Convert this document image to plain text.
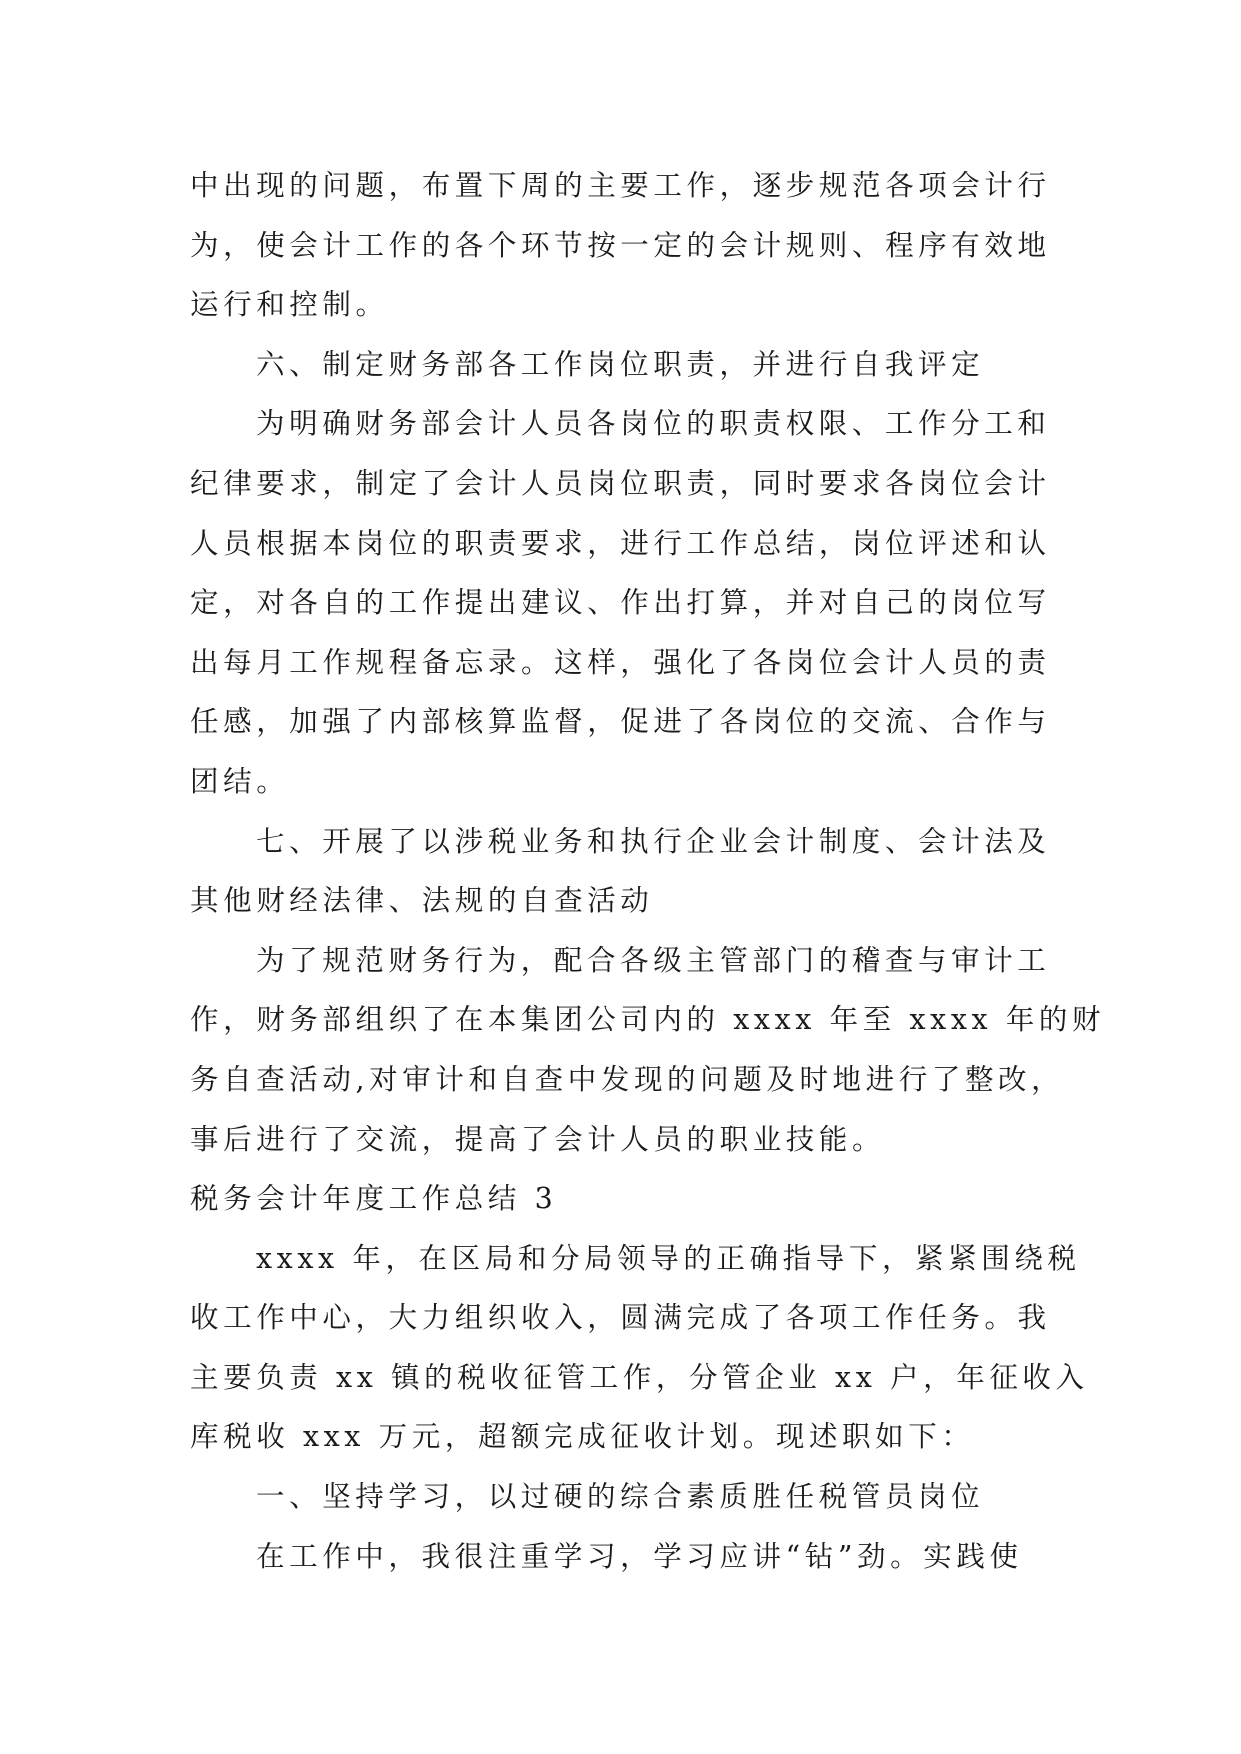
中出现的问题，布置下周的主要工作，逐步规范各项会计行
为，使会计工作的各个环节按一定的会计规则、程序有效地
运行和控制。
六、制定财务部各工作岗位职责，并进行自我评定
为明确财务部会计人员各岗位的职责权限、工作分工和
纪律要求，制定了会计人员岗位职责，同时要求各岗位会计
人员根据本岗位的职责要求，进行工作总结，岗位评述和认
定，对各自的工作提出建议、作出打算，并对自己的岗位写
出每月工作规程备忘录。这样，强化了各岗位会计人员的责
任感，加强了内部核算监督，促进了各岗位的交流、合作与
团结。
七、开展了以涉税业务和执行企业会计制度、会计法及
其他财经法律、法规的自查活动
为了规范财务行为，配合各级主管部门的稽查与审计工
作，财务部组织了在本集团公司内的 xxxx 年至 xxxx 年的财
务自查活动,对审计和自查中发现的问题及时地进行了整改，
事后进行了交流，提高了会计人员的职业技能。
税务会计年度工作总结 3
xxxx 年，在区局和分局领导的正确指导下，紧紧围绕税
收工作中心，大力组织收入，圆满完成了各项工作任务。我
主要负责 xx 镇的税收征管工作，分管企业 xx 户，年征收入
库税收 xxx 万元，超额完成征收计划。现述职如下：
一、坚持学习，以过硬的综合素质胜任税管员岗位
在工作中，我很注重学习，学习应讲“钻”劲。实践使
